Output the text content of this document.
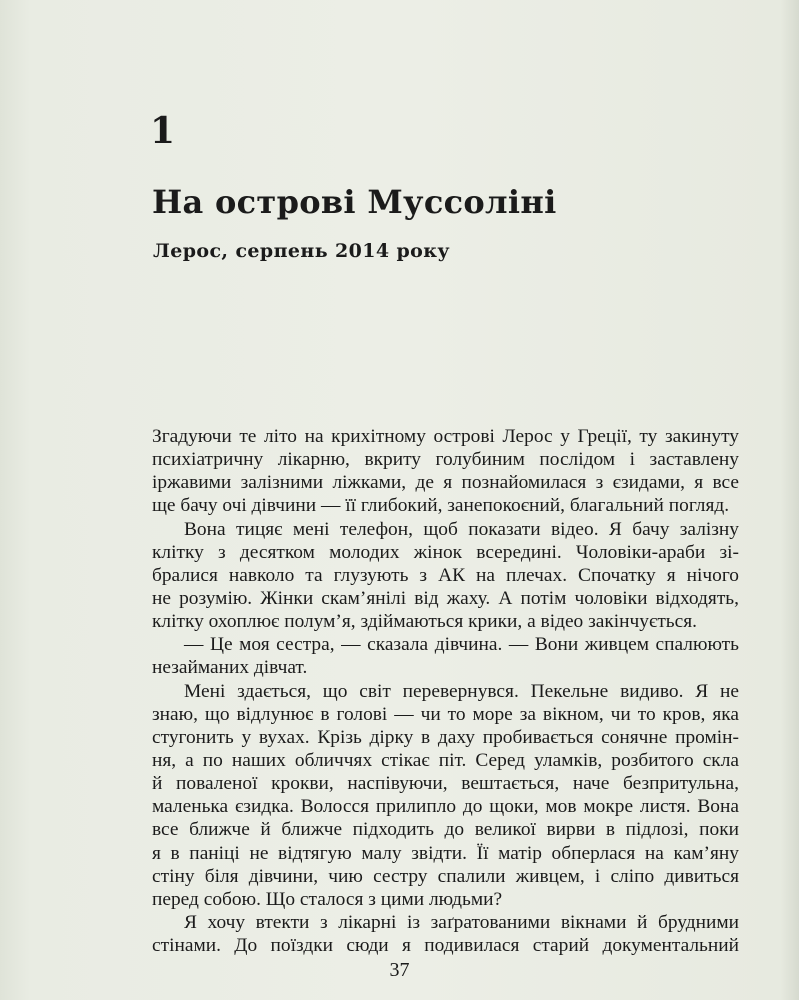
1
На острові Муссоліні
Лерос, серпень 2014 року
Згадуючи те літо на крихітному острові Лерос у Греції, ту закинуту
психіатричну лікарню, вкриту голубиним послідом і заставлену
іржавими залізними ліжками, де я познайомилася з єзидами, я все
ще бачу очі дівчини — її глибокий, занепокоєний, благальний погляд.
Вона тицяє мені телефон, щоб показати відео. Я бачу залізну
клітку з десятком молодих жінок всередині. Чоловіки-араби зі-
бралися навколо та глузують з АК на плечах. Спочатку я нічого
не розумію. Жінки скам’янілі від жаху. А потім чоловіки відходять,
клітку охоплює полум’я, здіймаються крики, а відео закінчується.
— Це моя сестра, — сказала дівчина. — Вони живцем спалюють
незайманих дівчат.
Мені здається, що світ перевернувся. Пекельне видиво. Я не
знаю, що відлунює в голові — чи то море за вікном, чи то кров, яка
стугонить у вухах. Крізь дірку в даху пробивається сонячне промін-
ня, а по наших обличчях стікає піт. Серед уламків, розбитого скла
й поваленої крокви, наспівуючи, вештається, наче безпритульна,
маленька єзидка. Волосся прилипло до щоки, мов мокре листя. Вона
все ближче й ближче підходить до великої вирви в підлозі, поки
я в паніці не відтягую малу звідти. Її матір обперлася на кам’яну
стіну біля дівчини, чию сестру спалили живцем, і сліпо дивиться
перед собою. Що сталося з цими людьми?
Я хочу втекти з лікарні із заґратованими вікнами й брудними
стінами. До поїздки сюди я подивилася старий документальний
37
